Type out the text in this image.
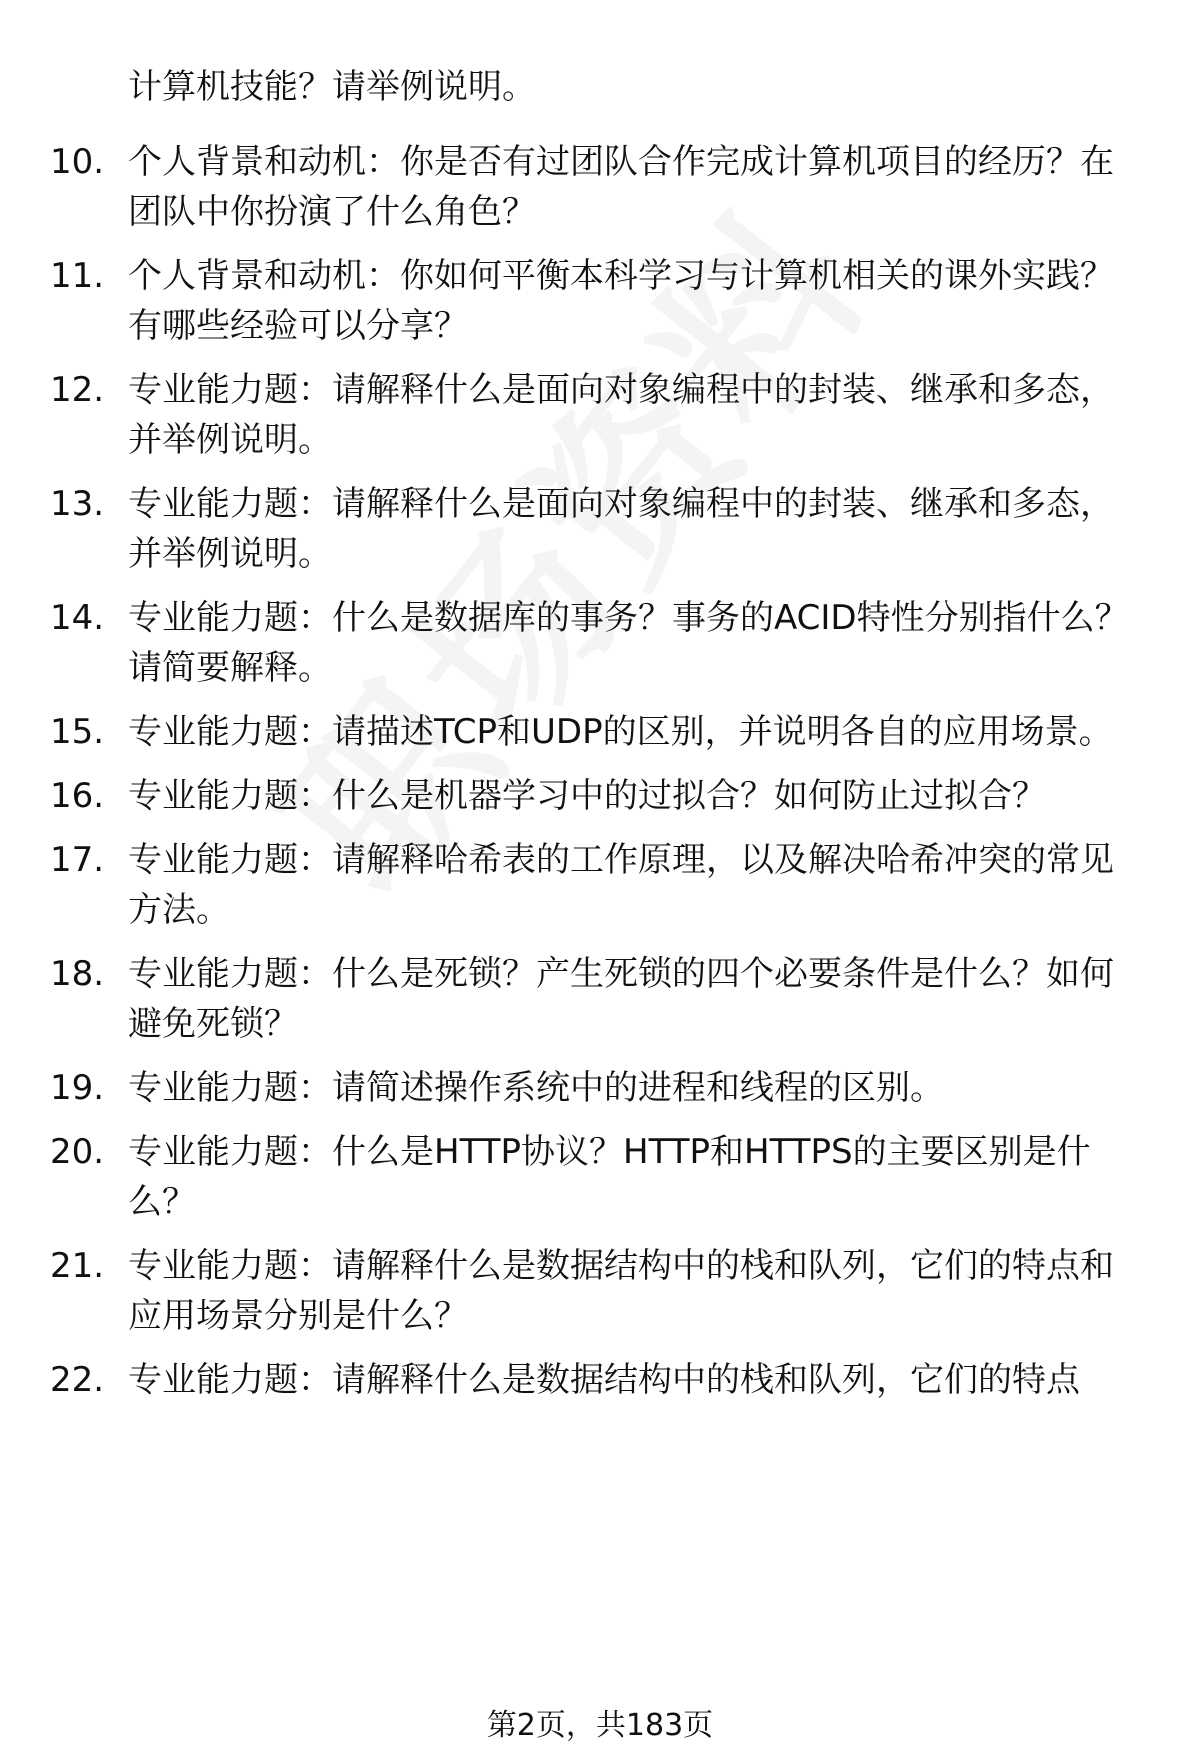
计算机技能？请举例说明。
10. 个人背景和动机：你是否有过团队合作完成计算机项目的经历？在团队中你扮演了什么角色？
11. 个人背景和动机：你如何平衡本科学习与计算机相关的课外实践？有哪些经验可以分享？
12. 专业能力题：请解释什么是面向对象编程中的封装、继承和多态，并举例说明。
13. 专业能力题：请解释什么是面向对象编程中的封装、继承和多态，并举例说明。
14. 专业能力题：什么是数据库的事务？事务的ACID特性分别指什么？请简要解释。
15. 专业能力题：请描述TCP和UDP的区别，并说明各自的应用场景。
16. 专业能力题：什么是机器学习中的过拟合？如何防止过拟合？
17. 专业能力题：请解释哈希表的工作原理，以及解决哈希冲突的常见方法。
18. 专业能力题：什么是死锁？产生死锁的四个必要条件是什么？如何避免死锁？
19. 专业能力题：请简述操作系统中的进程和线程的区别。
20. 专业能力题：什么是HTTP协议？HTTP和HTTPS的主要区别是什么？
21. 专业能力题：请解释什么是数据结构中的栈和队列，它们的特点和应用场景分别是什么？
22. 专业能力题：请解释什么是数据结构中的栈和队列，它们的特点
第2页，共183页
